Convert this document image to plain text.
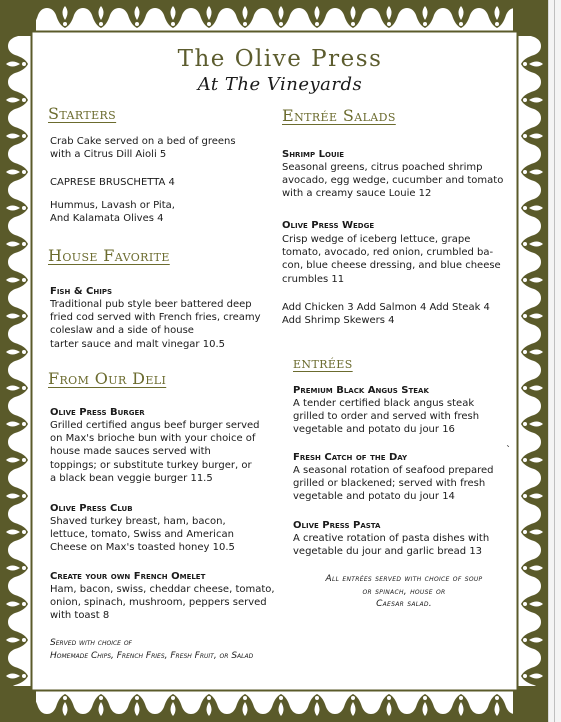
The Olive Press
At The Vineyards
Starters
Crab Cake served on a bed of greens
with a Citrus Dill Aioli 5
CAPRESE BRUSCHETTA 4
Hummus, Lavash or Pita,
And Kalamata Olives 4
House Favorite
Fish & Chips
Traditional pub style beer battered deep
fried cod served with French fries, creamy
coleslaw and a side of house
tarter sauce and malt vinegar 10.5
From Our Deli
Olive Press Burger
Grilled certified angus beef burger served
on Max's brioche bun with your choice of
house made sauces served with
toppings; or substitute turkey burger, or
a black bean veggie burger 11.5
Olive Press Club
Shaved turkey breast, ham, bacon,
lettuce, tomato, Swiss and American
Cheese on Max's toasted honey 10.5
Create your own French Omelet
Ham, bacon, swiss, cheddar cheese, tomato,
onion, spinach, mushroom, peppers served
with toast 8
Served with choice of
Homemade Chips, French Fries, Fresh Fruit, or Salad
Entrée Salads
Shrimp Louie
Seasonal greens, citrus poached shrimp
avocado, egg wedge, cucumber and tomato
with a creamy sauce Louie 12
Olive Press Wedge
Crisp wedge of iceberg lettuce, grape
tomato, avocado, red onion, crumbled ba-
con, blue cheese dressing, and blue cheese
crumbles 11
Add Chicken 3 Add Salmon 4 Add Steak 4
Add Shrimp Skewers 4
entrées
Premium Black Angus Steak
A tender certified black angus steak
grilled to order and served with fresh
vegetable and potato du jour 16
`
Fresh Catch of the Day
A seasonal rotation of seafood prepared
grilled or blackened; served with fresh
vegetable and potato du jour 14
Olive Press Pasta
A creative rotation of pasta dishes with
vegetable du jour and garlic bread 13
All entrées served with choice of soup
or spinach, house or
Caesar salad.
